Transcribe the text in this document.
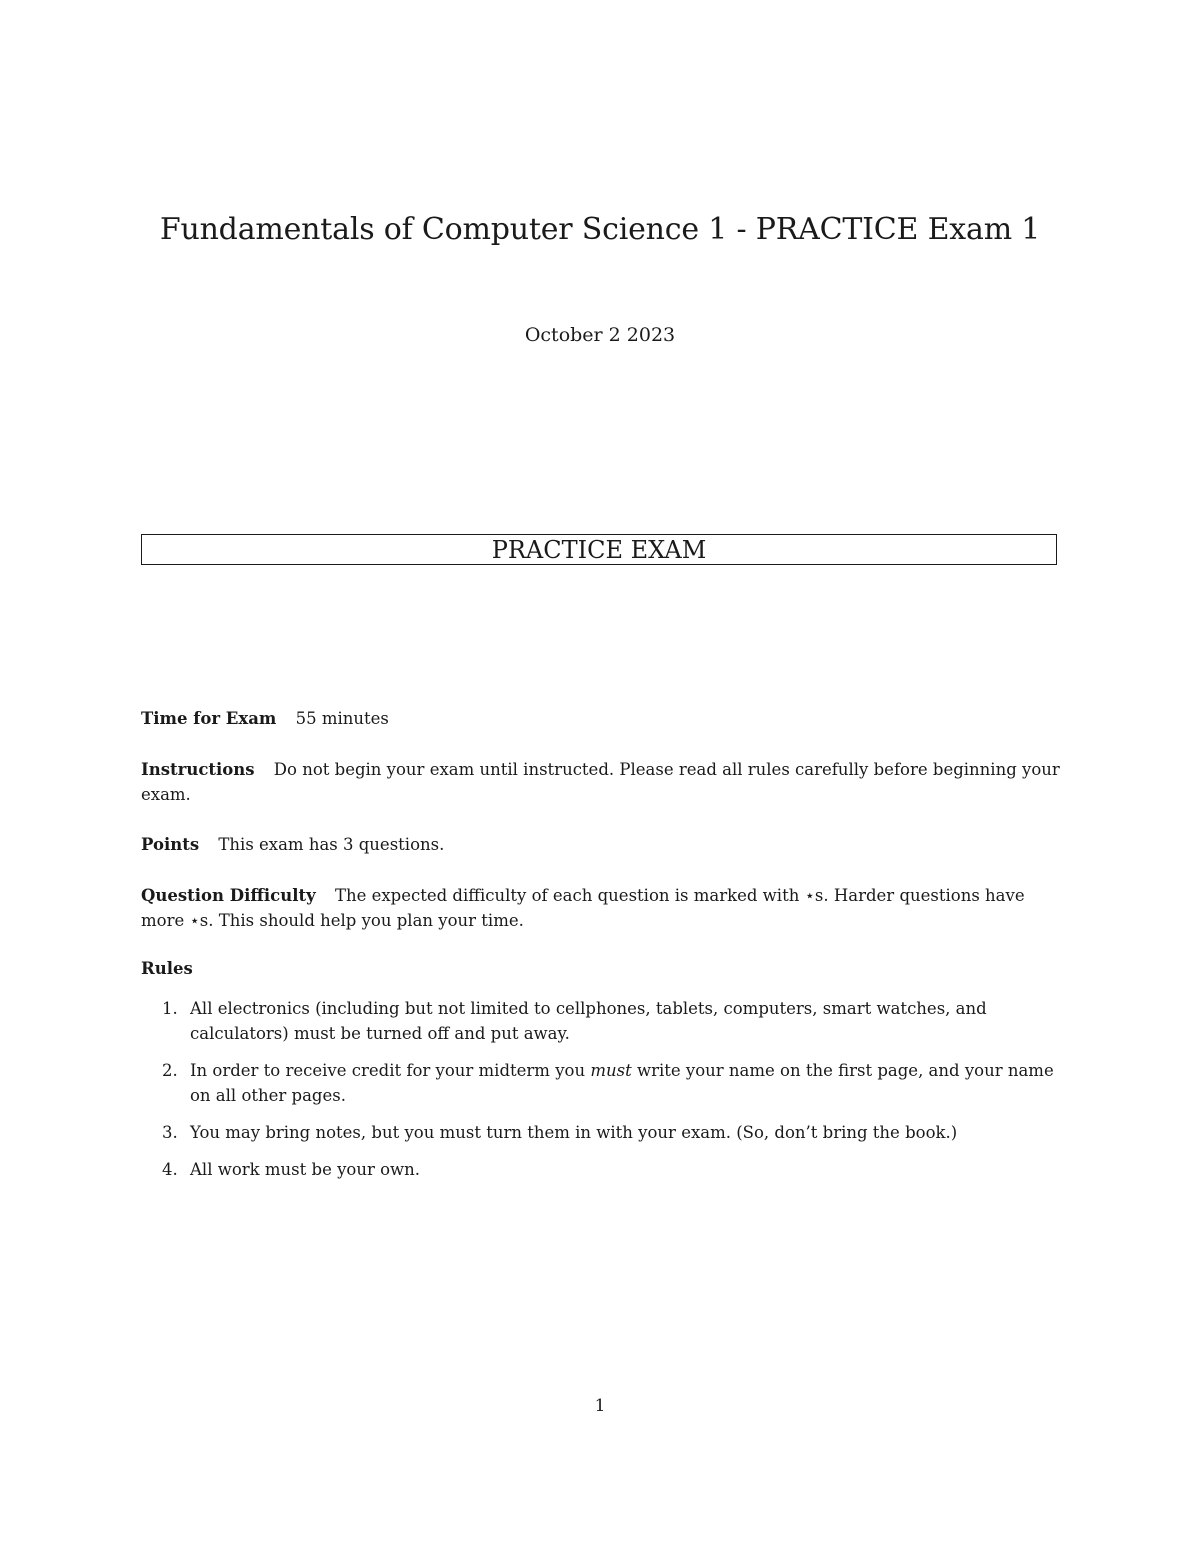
Fundamentals of Computer Science 1 - PRACTICE Exam 1

October 2 2023

PRACTICE EXAM

Time for Exam 55 minutes

Instructions Do not begin your exam until instructed. Please read all rules carefully before beginning your exam.

Points This exam has 3 questions.

Question Difficulty The expected difficulty of each question is marked with ⋆s. Harder questions have more ⋆s. This should help you plan your time.

Rules

1. All electronics (including but not limited to cellphones, tablets, computers, smart watches, and calculators) must be turned off and put away.
2. In order to receive credit for your midterm you must write your name on the first page, and your name on all other pages.
3. You may bring notes, but you must turn them in with your exam. (So, don’t bring the book.)
4. All work must be your own.
1
